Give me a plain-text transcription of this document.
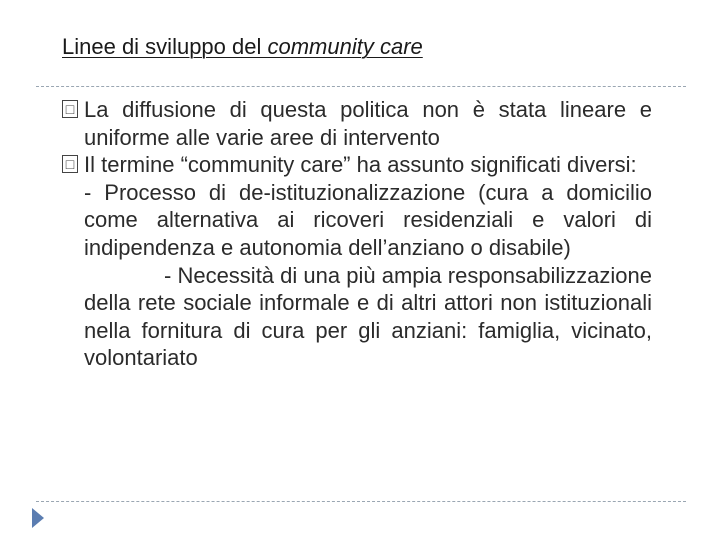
Linee di sviluppo del community care

□ La diffusione di questa politica non è stata lineare e uniforme alle varie aree di intervento

□ Il termine “community care” ha assunto significati diversi:

- Processo di de-istituzionalizzazione (cura a domicilio come alternativa ai ricoveri residenziali e valori di indipendenza e autonomia dell’anziano o disabile)

- Necessità di una più ampia responsabilizzazione della rete sociale informale e di altri attori non istituzionali nella fornitura di cura per gli anziani: famiglia, vicinato, volontariato
